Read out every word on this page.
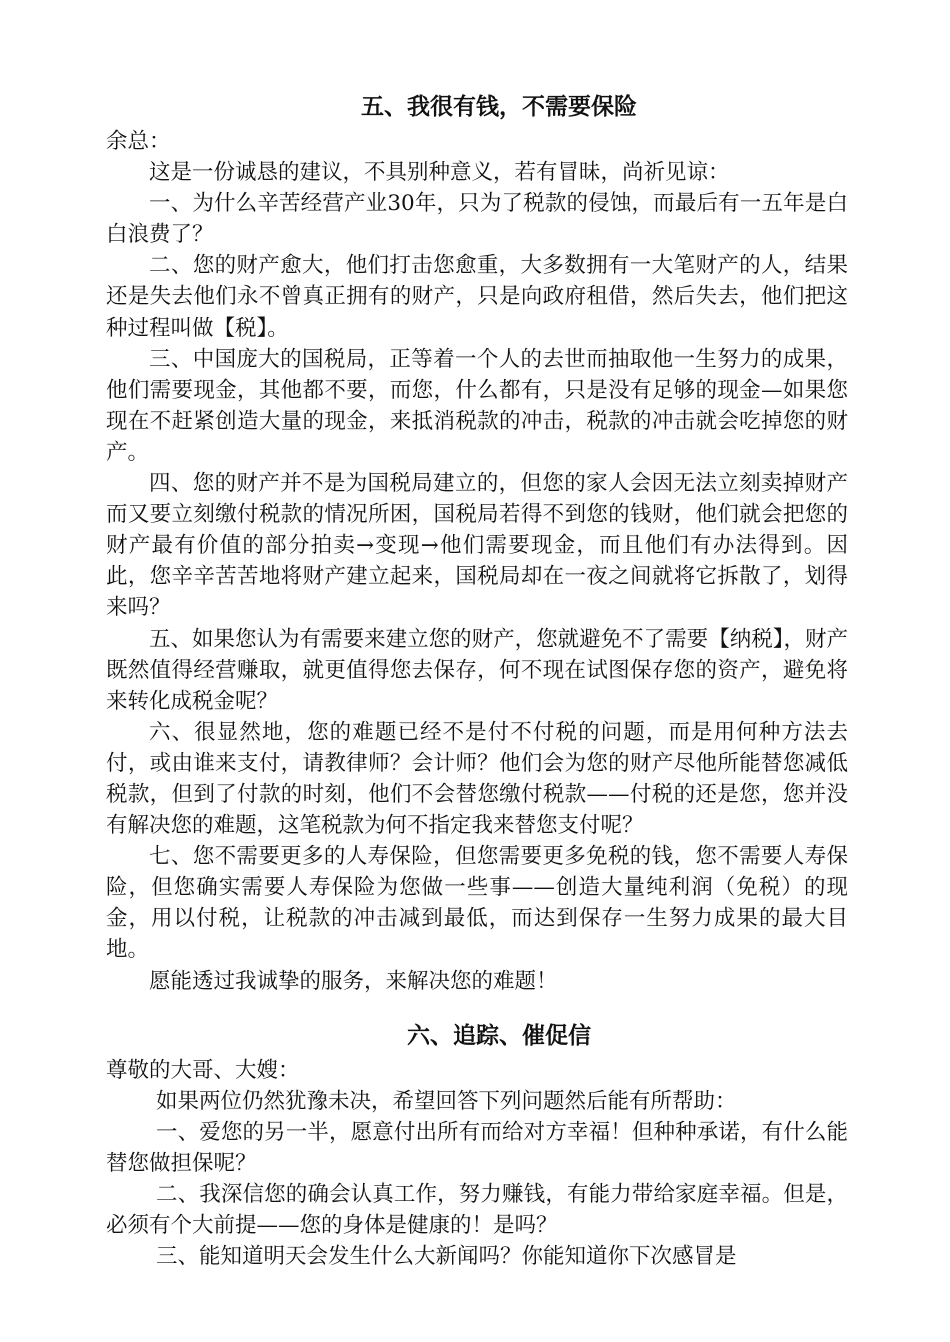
五、我很有钱，不需要保险

余总：

这是一份诚恳的建议，不具别种意义，若有冒昧，尚祈见谅：

一、为什么辛苦经营产业30年，只为了税款的侵蚀，而最后有一五年是白白浪费了？

二、您的财产愈大，他们打击您愈重，大多数拥有一大笔财产的人，结果还是失去他们永不曾真正拥有的财产，只是向政府租借，然后失去，他们把这种过程叫做【税】。

三、中国庞大的国税局，正等着一个人的去世而抽取他一生努力的成果，他们需要现金，其他都不要，而您，什么都有，只是没有足够的现金—如果您现在不赶紧创造大量的现金，来抵消税款的冲击，税款的冲击就会吃掉您的财产。

四、您的财产并不是为国税局建立的，但您的家人会因无法立刻卖掉财产而又要立刻缴付税款的情况所困，国税局若得不到您的钱财，他们就会把您的财产最有价值的部分拍卖→变现→他们需要现金，而且他们有办法得到。因此，您辛辛苦苦地将财产建立起来，国税局却在一夜之间就将它拆散了，划得来吗？

五、如果您认为有需要来建立您的财产，您就避免不了需要【纳税】，财产既然值得经营赚取，就更值得您去保存，何不现在试图保存您的资产，避免将来转化成税金呢？

六、很显然地，您的难题已经不是付不付税的问题，而是用何种方法去付，或由谁来支付，请教律师？会计师？他们会为您的财产尽他所能替您减低税款，但到了付款的时刻，他们不会替您缴付税款——付税的还是您，您并没有解决您的难题，这笔税款为何不指定我来替您支付呢？

七、您不需要更多的人寿保险，但您需要更多免税的钱，您不需要人寿保险，但您确实需要人寿保险为您做一些事——创造大量纯利润（免税）的现金，用以付税，让税款的冲击减到最低，而达到保存一生努力成果的最大目地。

愿能透过我诚挚的服务，来解决您的难题！

六、追踪、催促信

尊敬的大哥、大嫂：

如果两位仍然犹豫未决，希望回答下列问题然后能有所帮助：

一、爱您的另一半，愿意付出所有而给对方幸福！但种种承诺，有什么能替您做担保呢？

二、我深信您的确会认真工作，努力赚钱，有能力带给家庭幸福。但是，必须有个大前提——您的身体是健康的！是吗？

三、能知道明天会发生什么大新闻吗？你能知道你下次感冒是
